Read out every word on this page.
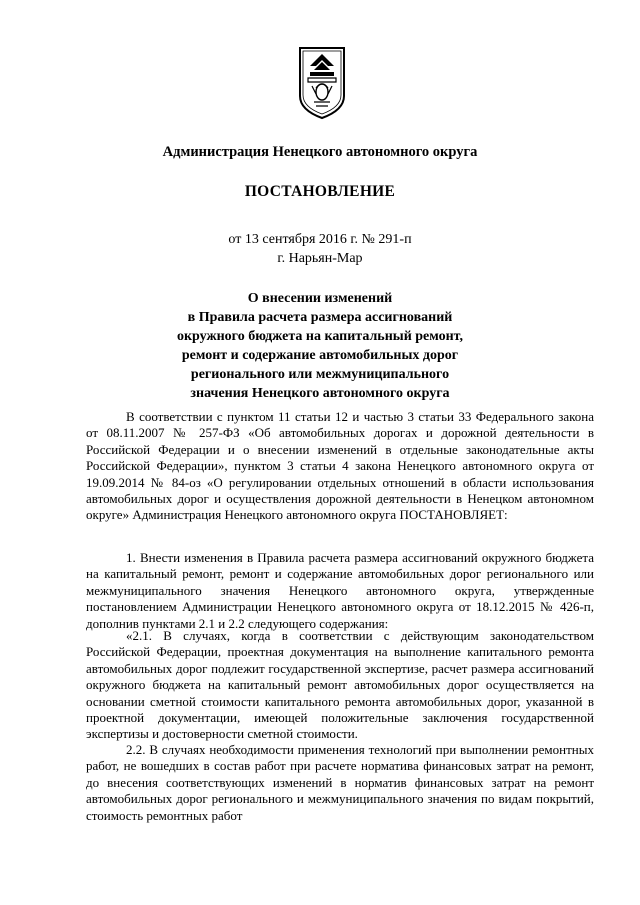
Администрация Ненецкого автономного округа
ПОСТАНОВЛЕНИЕ
от 13 сентября 2016 г. № 291-п
г. Нарьян-Мар
О внесении изменений
в Правила расчета размера ассигнований
окружного бюджета на капитальный ремонт,
ремонт и содержание автомобильных дорог
регионального или межмуниципального
значения Ненецкого автономного округа
В соответствии с пунктом 11 статьи 12 и частью 3 статьи 33 Федерального закона от 08.11.2007 № 257-ФЗ «Об автомобильных дорогах и дорожной деятельности в Российской Федерации и о внесении изменений в отдельные законодательные акты Российской Федерации», пунктом 3 статьи 4 закона Ненецкого автономного округа от 19.09.2014 № 84-оз «О регулировании отдельных отношений в области использования автомобильных дорог и осуществления дорожной деятельности в Ненецком автономном округе» Администрация Ненецкого автономного округа ПОСТАНОВЛЯЕТ:
1. Внести изменения в Правила расчета размера ассигнований окружного бюджета на капитальный ремонт, ремонт и содержание автомобильных дорог регионального или межмуниципального значения Ненецкого автономного округа, утвержденные постановлением Администрации Ненецкого автономного округа от 18.12.2015 № 426-п, дополнив пунктами 2.1 и 2.2 следующего содержания:
«2.1. В случаях, когда в соответствии с действующим законодательством Российской Федерации, проектная документация на выполнение капитального ремонта автомобильных дорог подлежит государственной экспертизе, расчет размера ассигнований окружного бюджета на капитальный ремонт автомобильных дорог осуществляется на основании сметной стоимости капитального ремонта автомобильных дорог, указанной в проектной документации, имеющей положительные заключения государственной экспертизы и достоверности сметной стоимости.
2.2. В случаях необходимости применения технологий при выполнении ремонтных работ, не вошедших в состав работ при расчете норматива финансовых затрат на ремонт, до внесения соответствующих изменений в норматив финансовых затрат на ремонт автомобильных дорог регионального и межмуниципального значения по видам покрытий, стоимость ремонтных работ
